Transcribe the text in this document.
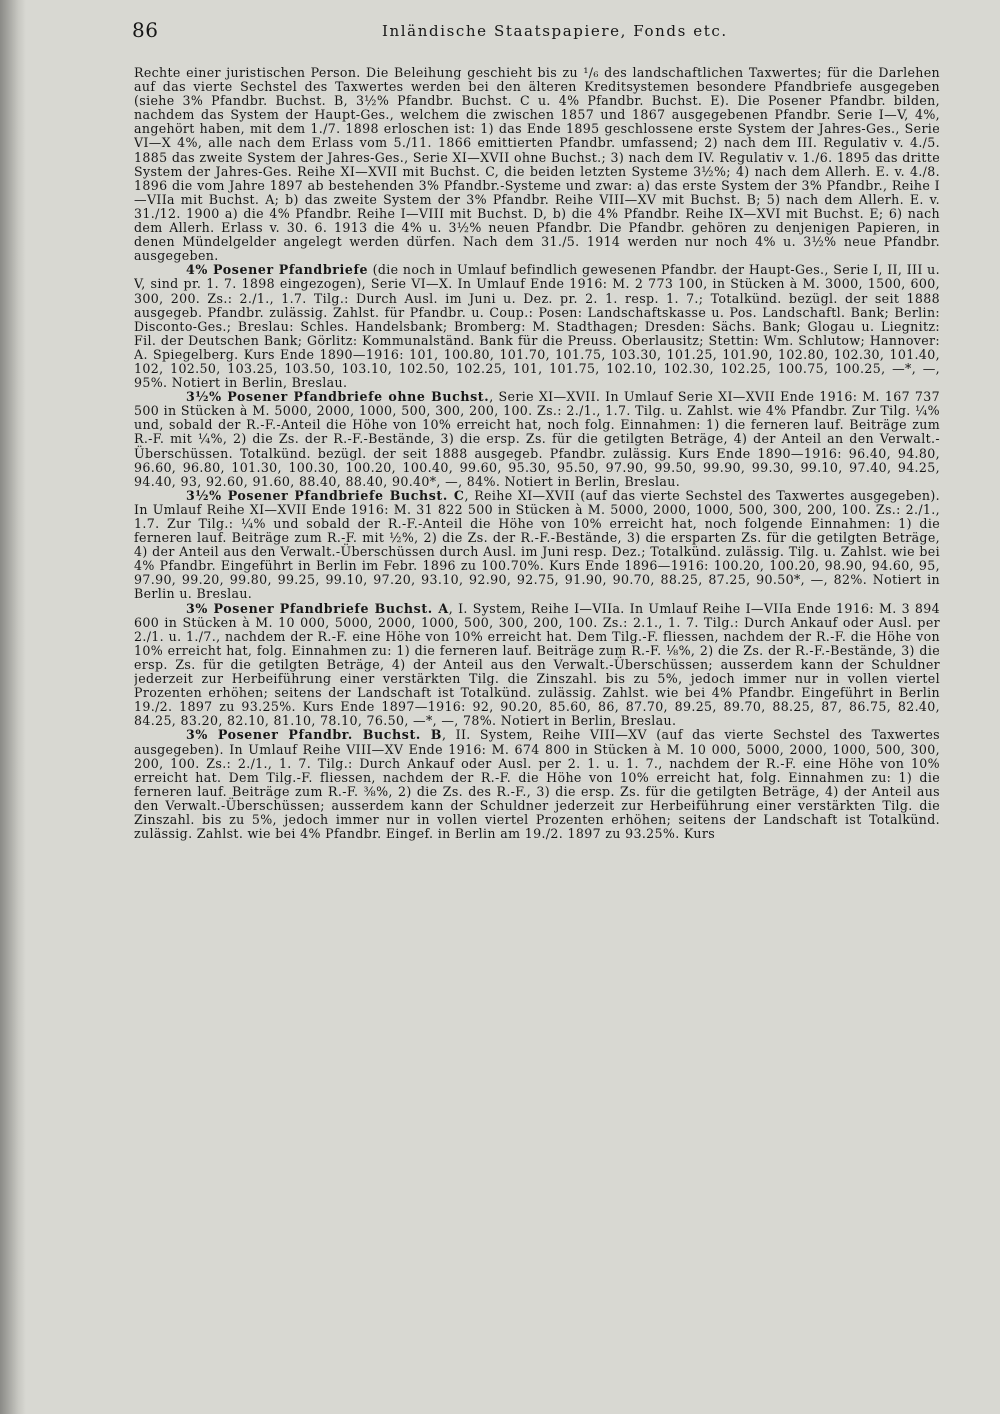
86	Inländische Staatspapiere, Fonds etc.

Rechte einer juristischen Person. Die Beleihung geschieht bis zu ¹/₆ des landschaftlichen Taxwertes; für die Darlehen auf das vierte Sechstel des Taxwertes werden bei den älteren Kreditsystemen besondere Pfandbriefe ausgegeben (siehe 3% Pfandbr. Buchst. B, 3½% Pfandbr. Buchst. C u. 4% Pfandbr. Buchst. E). Die Posener Pfandbr. bilden, nachdem das System der Haupt-Ges., welchem die zwischen 1857 und 1867 ausgegebenen Pfandbr. Serie I—V, 4%, angehört haben, mit dem 1./7. 1898 erloschen ist: 1) das Ende 1895 geschlossene erste System der Jahres-Ges., Serie VI—X 4%, alle nach dem Erlass vom 5./11. 1866 emittierten Pfandbr. umfassend; 2) nach dem III. Regulativ v. 4./5. 1885 das zweite System der Jahres-Ges., Serie XI—XVII ohne Buchst.; 3) nach dem IV. Regulativ v. 1./6. 1895 das dritte System der Jahres-Ges. Reihe XI—XVII mit Buchst. C, die beiden letzten Systeme 3½%; 4) nach dem Allerh. E. v. 4./8. 1896 die vom Jahre 1897 ab bestehenden 3% Pfandbr.-Systeme und zwar: a) das erste System der 3% Pfandbr., Reihe I—VIIa mit Buchst. A; b) das zweite System der 3% Pfandbr. Reihe VIII—XV mit Buchst. B; 5) nach dem Allerh. E. v. 31./12. 1900 a) die 4% Pfandbr. Reihe I—VIII mit Buchst. D, b) die 4% Pfandbr. Reihe IX—XVI mit Buchst. E; 6) nach dem Allerh. Erlass v. 30. 6. 1913 die 4% u. 3½% neuen Pfandbr. Die Pfandbr. gehören zu denjenigen Papieren, in denen Mündelgelder angelegt werden dürfen. Nach dem 31./5. 1914 werden nur noch 4% u. 3½% neue Pfandbr. ausgegeben.

4% Posener Pfandbriefe (die noch in Umlauf befindlich gewesenen Pfandbr. der Haupt-Ges., Serie I, II, III u. V, sind pr. 1. 7. 1898 eingezogen), Serie VI—X. In Umlauf Ende 1916: M. 2 773 100, in Stücken à M. 3000, 1500, 600, 300, 200. Zs.: 2./1., 1.7. Tilg.: Durch Ausl. im Juni u. Dez. pr. 2. 1. resp. 1. 7.; Totalkünd. bezügl. der seit 1888 ausgegeb. Pfandbr. zulässig. Zahlst. für Pfandbr. u. Coup.: Posen: Landschaftskasse u. Pos. Landschaftl. Bank; Berlin: Disconto-Ges.; Breslau: Schles. Handelsbank; Bromberg: M. Stadthagen; Dresden: Sächs. Bank; Glogau u. Liegnitz: Fil. der Deutschen Bank; Görlitz: Kommunalständ. Bank für die Preuss. Oberlausitz; Stettin: Wm. Schlutow; Hannover: A. Spiegelberg. Kurs Ende 1890—1916: 101, 100.80, 101.70, 101.75, 103.30, 101.25, 101.90, 102.80, 102.30, 101.40, 102, 102.50, 103.25, 103.50, 103.10, 102.50, 102.25, 101, 101.75, 102.10, 102.30, 102.25, 100.75, 100.25, —*, —, 95%. Notiert in Berlin, Breslau.

3½% Posener Pfandbriefe ohne Buchst., Serie XI—XVII. In Umlauf Serie XI—XVII Ende 1916: M. 167 737 500 in Stücken à M. 5000, 2000, 1000, 500, 300, 200, 100. Zs.: 2./1., 1.7. Tilg. u. Zahlst. wie 4% Pfandbr. Zur Tilg. ¼% und, sobald der R.-F.-Anteil die Höhe von 10% erreicht hat, noch folg. Einnahmen: 1) die ferneren lauf. Beiträge zum R.-F. mit ¼%, 2) die Zs. der R.-F.-Bestände, 3) die ersp. Zs. für die getilgten Beträge, 4) der Anteil an den Verwalt.-Überschüssen. Totalkünd. bezügl. der seit 1888 ausgegeb. Pfandbr. zulässig. Kurs Ende 1890—1916: 96.40, 94.80, 96.60, 96.80, 101.30, 100.30, 100.20, 100.40, 99.60, 95.30, 95.50, 97.90, 99.50, 99.90, 99.30, 99.10, 97.40, 94.25, 94.40, 93, 92.60, 91.60, 88.40, 88.40, 90.40*, —, 84%. Notiert in Berlin, Breslau.

3½% Posener Pfandbriefe Buchst. C, Reihe XI—XVII (auf das vierte Sechstel des Taxwertes ausgegeben). In Umlauf Reihe XI—XVII Ende 1916: M. 31 822 500 in Stücken à M. 5000, 2000, 1000, 500, 300, 200, 100. Zs.: 2./1., 1.7. Zur Tilg.: ¼% und sobald der R.-F.-Anteil die Höhe von 10% erreicht hat, noch folgende Einnahmen: 1) die ferneren lauf. Beiträge zum R.-F. mit ½%, 2) die Zs. der R.-F.-Bestände, 3) die ersparten Zs. für die getilgten Beträge, 4) der Anteil aus den Verwalt.-Überschüssen durch Ausl. im Juni resp. Dez.; Totalkünd. zulässig. Tilg. u. Zahlst. wie bei 4% Pfandbr. Eingeführt in Berlin im Febr. 1896 zu 100.70%. Kurs Ende 1896—1916: 100.20, 100.20, 98.90, 94.60, 95, 97.90, 99.20, 99.80, 99.25, 99.10, 97.20, 93.10, 92.90, 92.75, 91.90, 90.70, 88.25, 87.25, 90.50*, —, 82%. Notiert in Berlin u. Breslau.

3% Posener Pfandbriefe Buchst. A, I. System, Reihe I—VIIa. In Umlauf Reihe I—VIIa Ende 1916: M. 3 894 600 in Stücken à M. 10 000, 5000, 2000, 1000, 500, 300, 200, 100. Zs.: 2.1., 1. 7. Tilg.: Durch Ankauf oder Ausl. per 2./1. u. 1./7., nachdem der R.-F. eine Höhe von 10% erreicht hat. Dem Tilg.-F. fliessen, nachdem der R.-F. die Höhe von 10% erreicht hat, folg. Einnahmen zu: 1) die ferneren lauf. Beiträge zum R.-F. ⅛%, 2) die Zs. der R.-F.-Bestände, 3) die ersp. Zs. für die getilgten Beträge, 4) der Anteil aus den Verwalt.-Überschüssen; ausserdem kann der Schuldner jederzeit zur Herbeiführung einer verstärkten Tilg. die Zinszahl. bis zu 5%, jedoch immer nur in vollen viertel Prozenten erhöhen; seitens der Landschaft ist Totalkünd. zulässig. Zahlst. wie bei 4% Pfandbr. Eingeführt in Berlin 19./2. 1897 zu 93.25%. Kurs Ende 1897—1916: 92, 90.20, 85.60, 86, 87.70, 89.25, 89.70, 88.25, 87, 86.75, 82.40, 84.25, 83.20, 82.10, 81.10, 78.10, 76.50, —*, —, 78%. Notiert in Berlin, Breslau.

3% Posener Pfandbr. Buchst. B, II. System, Reihe VIII—XV (auf das vierte Sechstel des Taxwertes ausgegeben). In Umlauf Reihe VIII—XV Ende 1916: M. 674 800 in Stücken à M. 10 000, 5000, 2000, 1000, 500, 300, 200, 100. Zs.: 2./1., 1. 7. Tilg.: Durch Ankauf oder Ausl. per 2. 1. u. 1. 7., nachdem der R.-F. eine Höhe von 10% erreicht hat. Dem Tilg.-F. fliessen, nachdem der R.-F. die Höhe von 10% erreicht hat, folg. Einnahmen zu: 1) die ferneren lauf. Beiträge zum R.-F. ⅜%, 2) die Zs. des R.-F., 3) die ersp. Zs. für die getilgten Beträge, 4) der Anteil aus den Verwalt.-Überschüssen; ausserdem kann der Schuldner jederzeit zur Herbeiführung einer verstärkten Tilg. die Zinszahl. bis zu 5%, jedoch immer nur in vollen viertel Prozenten erhöhen; seitens der Landschaft ist Totalkünd. zulässig. Zahlst. wie bei 4% Pfandbr. Eingef. in Berlin am 19./2. 1897 zu 93.25%. Kurs
